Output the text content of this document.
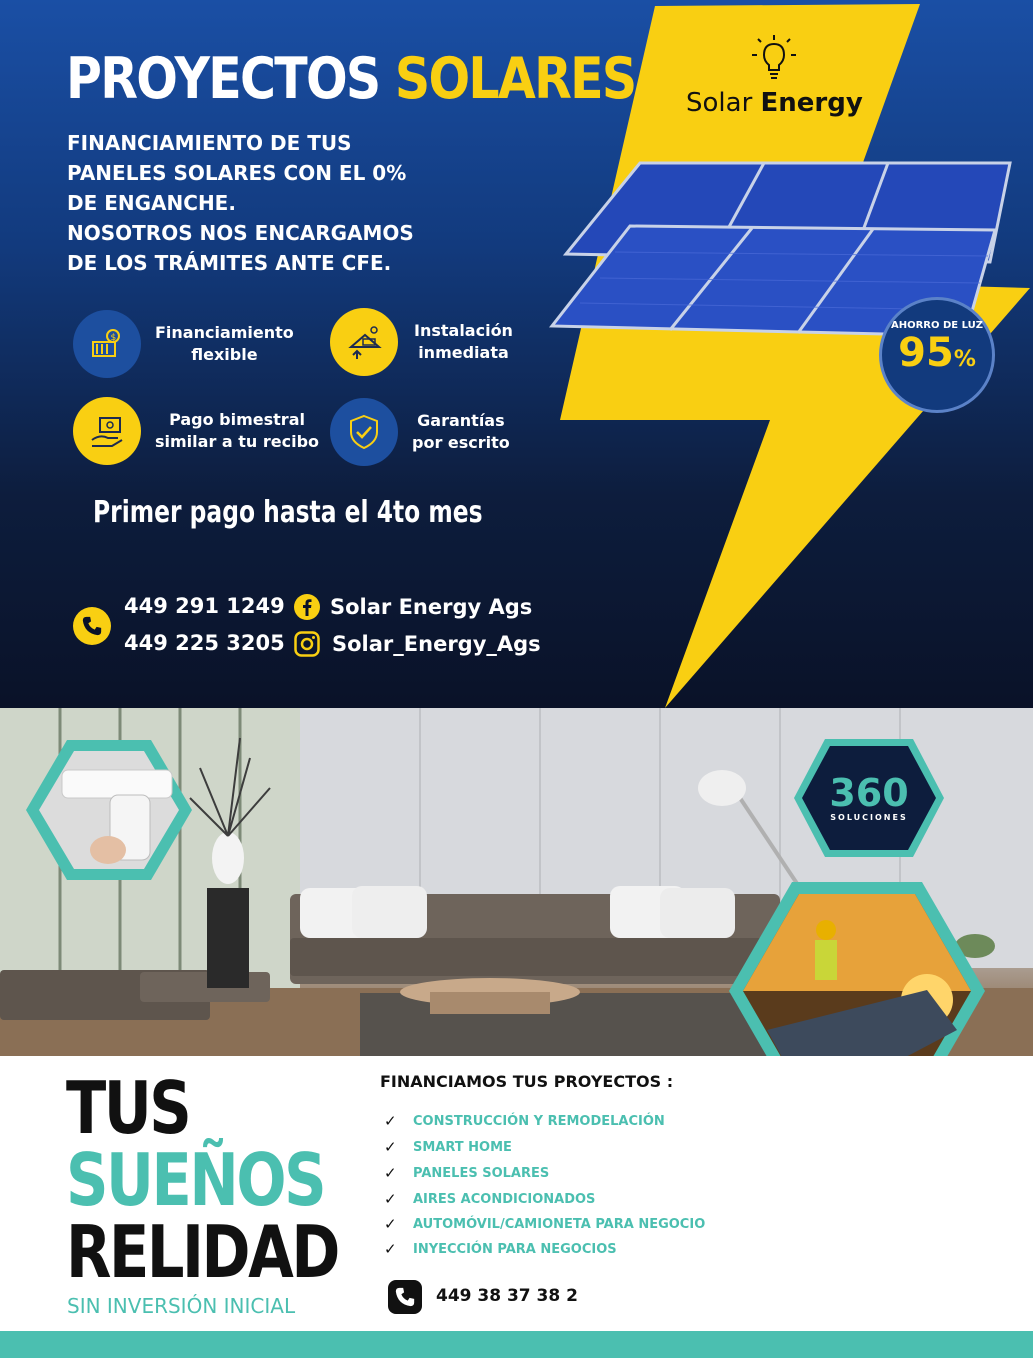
PROYECTOS SOLARES
FINANCIAMIENTO DE TUS
PANELES SOLARES CON EL 0%
DE ENGANCHE.
NOSOTROS NOS ENCARGAMOS
DE LOS TRÁMITES ANTE CFE.
$ Financiamiento
flexible
Instalación
inmediata
Pago bimestral
similar a tu recibo
Garantías
por escrito
Primer pago hasta el 4to mes
449 291 1249
449 225 3205
Solar Energy Ags
Solar_Energy_Ags
Solar Energy
AHORRO DE LUZ
95%
360
SOLUCIONES
TUS
SUEÑOS
RELIDAD
SIN INVERSIÓN INICIAL
FINANCIAMOS TUS PROYECTOS :
✓	CONSTRUCCIÓN Y REMODELACIÓN
✓	SMART HOME
✓	PANELES SOLARES
✓	AIRES ACONDICIONADOS
✓	AUTOMÓVIL/CAMIONETA PARA NEGOCIO
✓	INYECCIÓN PARA NEGOCIOS
449 38 37 38 2
